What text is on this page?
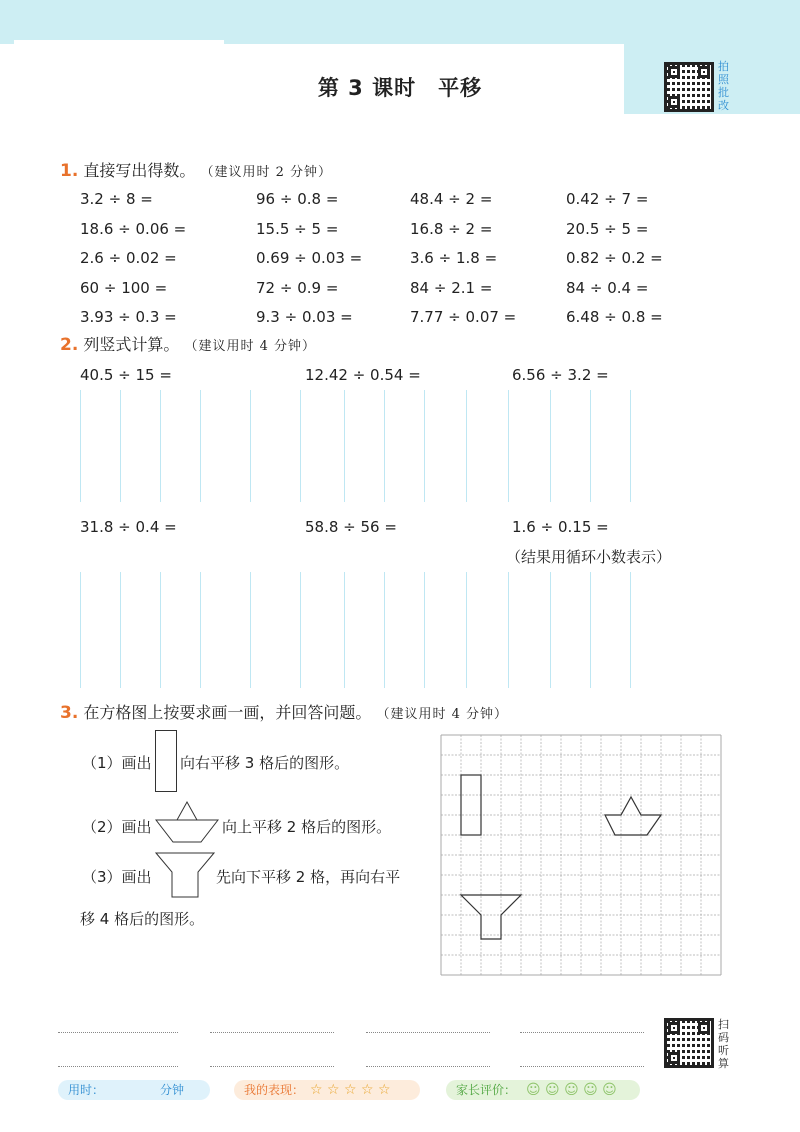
第 3 课时　平移
拍照批改
1. 直接写出得数。 （建议用时 2 分钟）
3.2 ÷ 8 =	96 ÷ 0.8 =	48.4 ÷ 2 =	0.42 ÷ 7 =
18.6 ÷ 0.06 =	15.5 ÷ 5 =	16.8 ÷ 2 =	20.5 ÷ 5 =
2.6 ÷ 0.02 =	0.69 ÷ 0.03 =	3.6 ÷ 1.8 =	0.82 ÷ 0.2 =
60 ÷ 100 =	72 ÷ 0.9 =	84 ÷ 2.1 =	84 ÷ 0.4 =
3.93 ÷ 0.3 =	9.3 ÷ 0.03 =	7.77 ÷ 0.07 =	6.48 ÷ 0.8 =
2. 列竖式计算。 （建议用时 4 分钟）
40.5 ÷ 15 =	12.42 ÷ 0.54 =	6.56 ÷ 3.2 =
31.8 ÷ 0.4 =	58.8 ÷ 56 =	1.6 ÷ 0.15 =
（结果用循环小数表示）
3. 在方格图上按要求画一画，并回答问题。 （建议用时 4 分钟）
（1）画出 向右平移 3 格后的图形。
（2）画出	向上平移 2 格后的图形。
（3）画出	先向下平移 2 格，再向右平
移 4 格后的图形。
扫码听算
用时：	分钟	我的表现： ☆ ☆ ☆ ☆ ☆	家长评价： ☺ ☺ ☺ ☺ ☺
